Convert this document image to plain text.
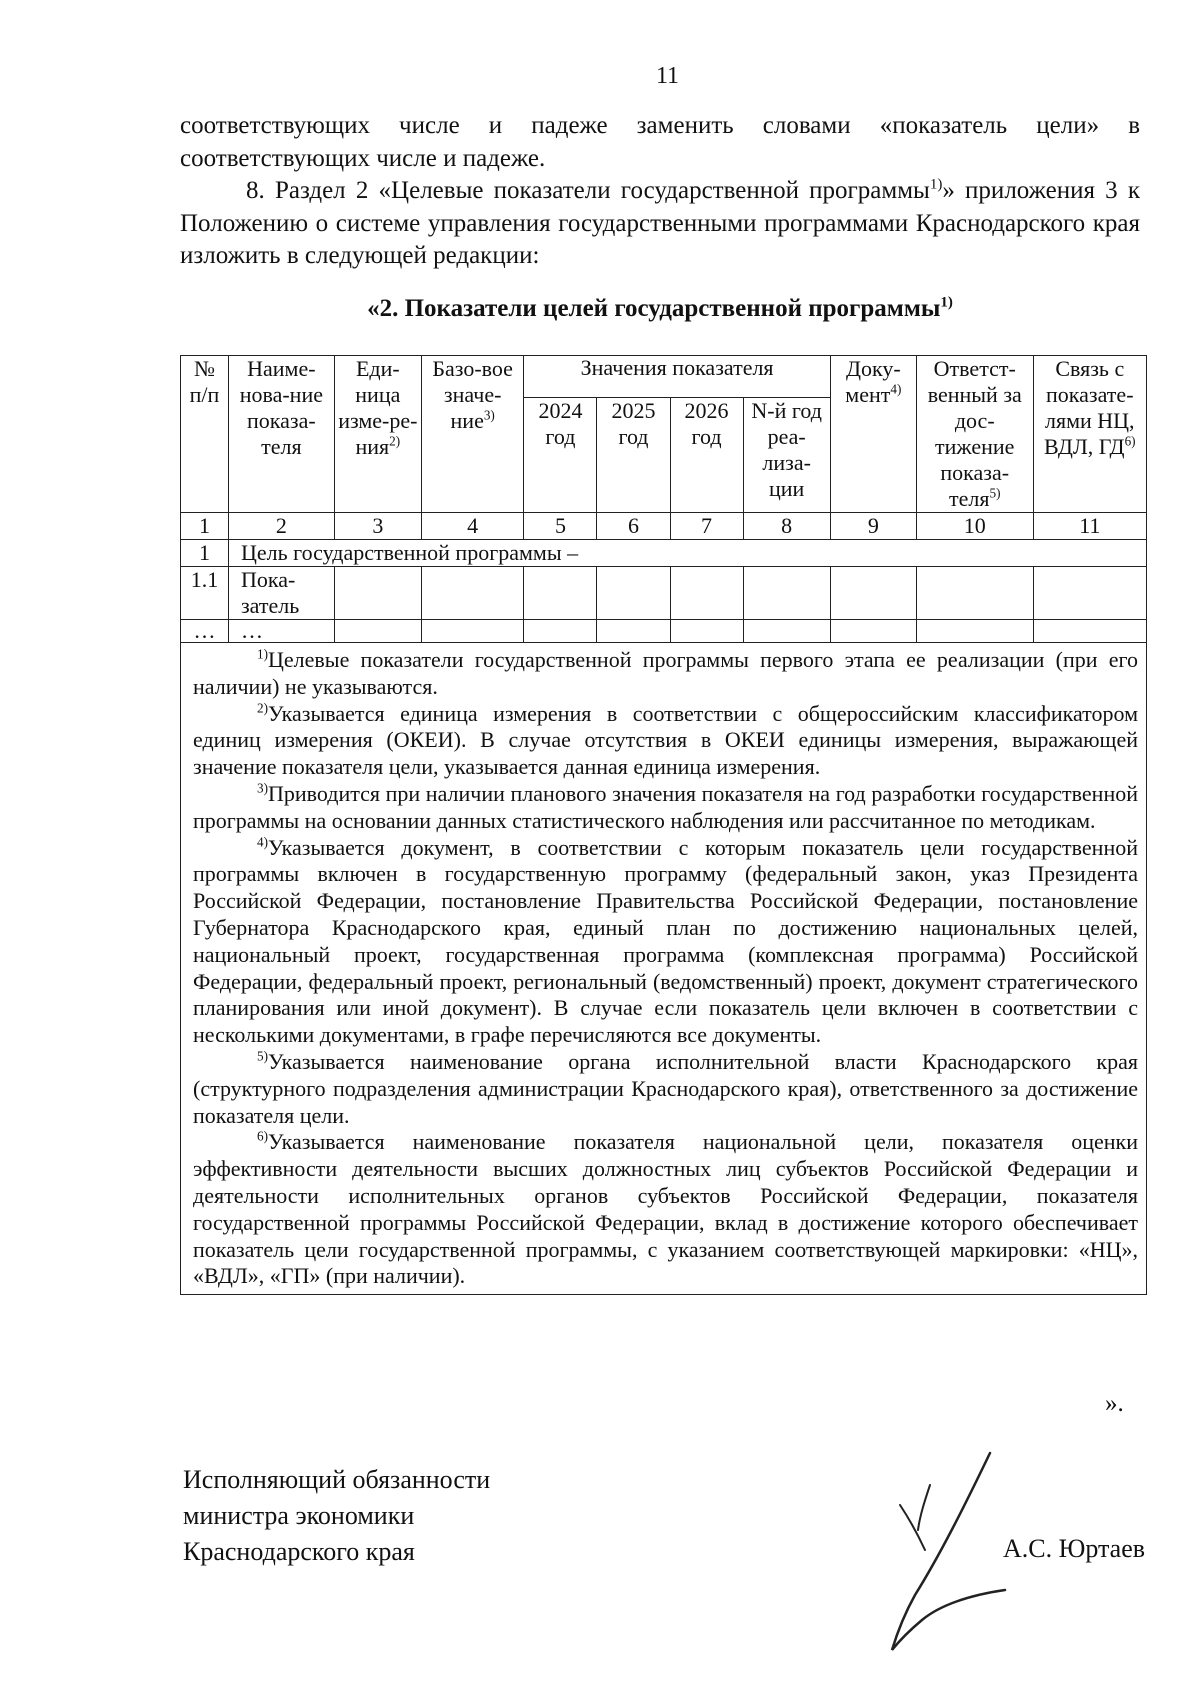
11

соответствующих числе и падеже заменить словами «показатель цели» в соответствующих числе и падеже.

8. Раздел 2 «Целевые показатели государственной программы$^{1)}$» приложения 3 к Положению о системе управления государственными программами Краснодарского края изложить в следующей редакции:

«2. Показатели целей государственной программы$^{1)}$
№ п/п	Наиме-нова-ние показа-теля	Еди-ница изме-ре-ния$^{2)}$	Базо-вое значе-ние$^{3)}$	Значения показателя				Доку-мент$^{4)}$	Ответст-венный за дос-тижение показа-теля$^{5)}$	Связь с показате-лями НЦ, ВДЛ, ГД$^{6)}$
				2024 год	2025 год	2026 год	N-й год реа-лиза-ции			
1	2	3	4	5	6	7	8	9	10	11
1	Цель государственной программы –									
1.1	Пока-затель									
…	…									
$^{1)}$Целевые показатели государственной программы первого этапа ее реализации (при его наличии) не указываются.
$^{2)}$Указывается единица измерения в соответствии с общероссийским классификатором единиц измерения (ОКЕИ). В случае отсутствия в ОКЕИ единицы измерения, выражающей значение показателя цели, указывается данная единица измерения.
$^{3)}$Приводится при наличии планового значения показателя на год разработки государственной программы на основании данных статистического наблюдения или рассчитанное по методикам.
$^{4)}$Указывается документ, в соответствии с которым показатель цели государственной программы включен в государственную программу (федеральный закон, указ Президента Российской Федерации, постановление Правительства Российской Федерации, постановление Губернатора Краснодарского края, единый план по достижению национальных целей, национальный проект, государственная программа (комплексная программа) Российской Федерации, федеральный проект, региональный (ведомственный) проект, документ стратегического планирования или иной документ). В случае если показатель цели включен в соответствии с несколькими документами, в графе перечисляются все документы.
$^{5)}$Указывается наименование органа исполнительной власти Краснодарского края (структурного подразделения администрации Краснодарского края), ответственного за достижение показателя цели.
$^{6)}$Указывается наименование показателя национальной цели, показателя оценки эффективности деятельности высших должностных лиц субъектов Российской Федерации и деятельности исполнительных органов субъектов Российской Федерации, показателя государственной программы Российской Федерации, вклад в достижение которого обеспечивает показатель цели государственной программы, с указанием соответствующей маркировки: «НЦ», «ВДЛ», «ГП» (при наличии).
».
Исполняющий обязанности
министра экономики
Краснодарского края	А.С. Юртаев
